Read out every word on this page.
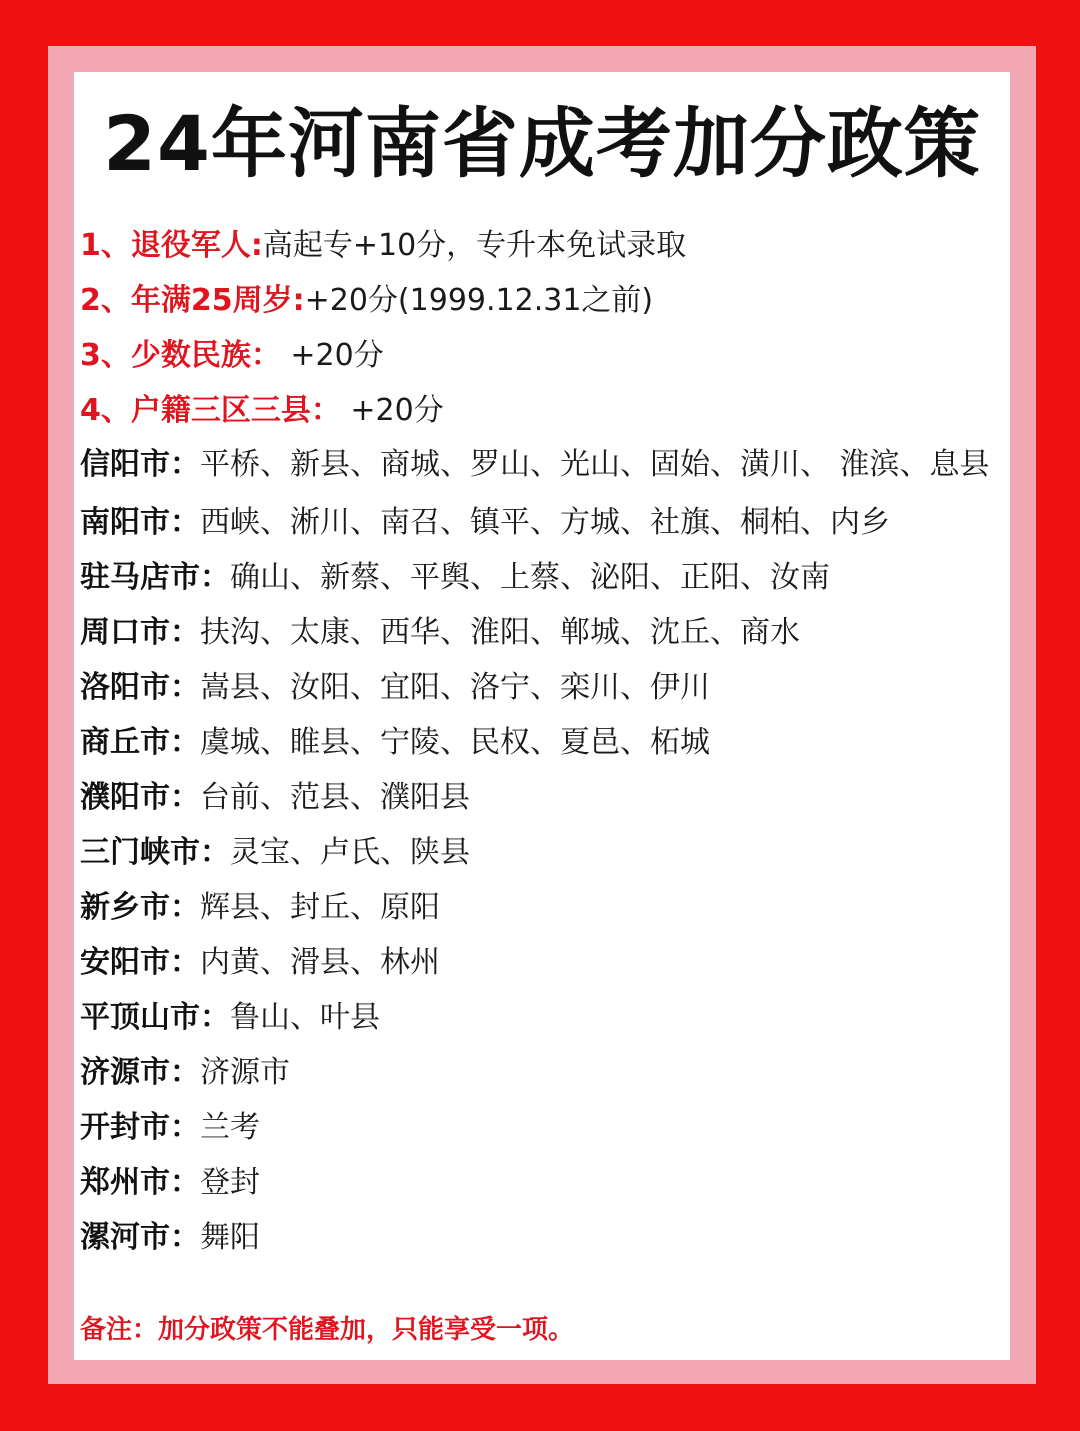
24年河南省成考加分政策
1、退役军人:高起专+10分，专升本免试录取
2、年满25周岁:+20分(1999.12.31之前)
3、少数民族： +20分
4、户籍三区三县： +20分
信阳市：平桥、新县、商城、罗山、光山、固始、潢川、 淮滨、息县
南阳市：西峡、淅川、南召、镇平、方城、社旗、桐柏、内乡
驻马店市：确山、新蔡、平舆、上蔡、泌阳、正阳、汝南
周口市：扶沟、太康、西华、淮阳、郸城、沈丘、商水
洛阳市：嵩县、汝阳、宜阳、洛宁、栾川、伊川
商丘市：虞城、睢县、宁陵、民权、夏邑、柘城
濮阳市：台前、范县、濮阳县
三门峡市：灵宝、卢氏、陕县
新乡市：辉县、封丘、原阳
安阳市：内黄、滑县、林州
平顶山市：鲁山、叶县
济源市：济源市
开封市：兰考
郑州市：登封
漯河市：舞阳
备注：加分政策不能叠加，只能享受一项。
